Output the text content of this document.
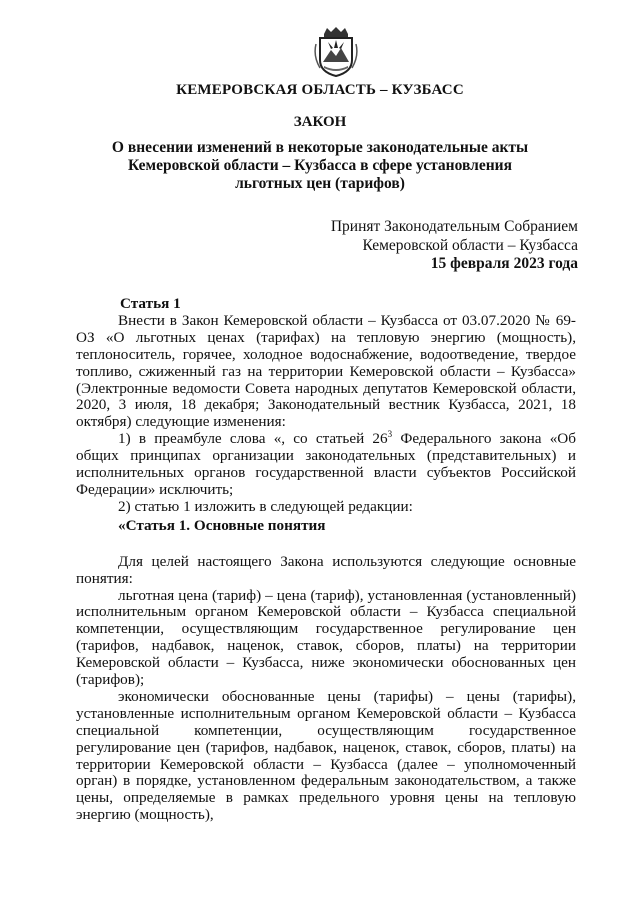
КЕМЕРОВСКАЯ ОБЛАСТЬ – КУЗБАСС
ЗАКОН
О внесении изменений в некоторые законодательные акты
Кемеровской области – Кузбасса в сфере установления
льготных цен (тарифов)
Принят Законодательным Собранием
Кемеровской области – Кузбасса
15 февраля 2023 года

Статья 1

Внести в Закон Кемеровской области – Кузбасса от 03.07.2020 № 69-ОЗ «О льготных ценах (тарифах) на тепловую энергию (мощность), теплоноситель, горячее, холодное водоснабжение, водоотведение, твердое топливо, сжиженный газ на территории Кемеровской области – Кузбасса» (Электронные ведомости Совета народных депутатов Кемеровской области, 2020, 3 июля, 18 декабря; Законодательный вестник Кузбасса, 2021, 18 октября) следующие изменения:

1) в преамбуле слова «, со статьей $26^3$ Федерального закона «Об общих принципах организации законодательных (представительных) и исполнительных органов государственной власти субъектов Российской Федерации» исключить;

2) статью 1 изложить в следующей редакции:

«Статья 1. Основные понятия

Для целей настоящего Закона используются следующие основные понятия:

льготная цена (тариф) – цена (тариф), установленная (установленный) исполнительным органом Кемеровской области – Кузбасса специальной компетенции, осуществляющим государственное регулирование цен (тарифов, надбавок, наценок, ставок, сборов, платы) на территории Кемеровской области – Кузбасса, ниже экономически обоснованных цен (тарифов);

экономически обоснованные цены (тарифы) – цены (тарифы), установленные исполнительным органом Кемеровской области – Кузбасса специальной компетенции, осуществляющим государственное регулирование цен (тарифов, надбавок, наценок, ставок, сборов, платы) на территории Кемеровской области – Кузбасса (далее – уполномоченный орган) в порядке, установленном федеральным законодательством, а также цены, определяемые в рамках предельного уровня цены на тепловую энергию (мощность),
